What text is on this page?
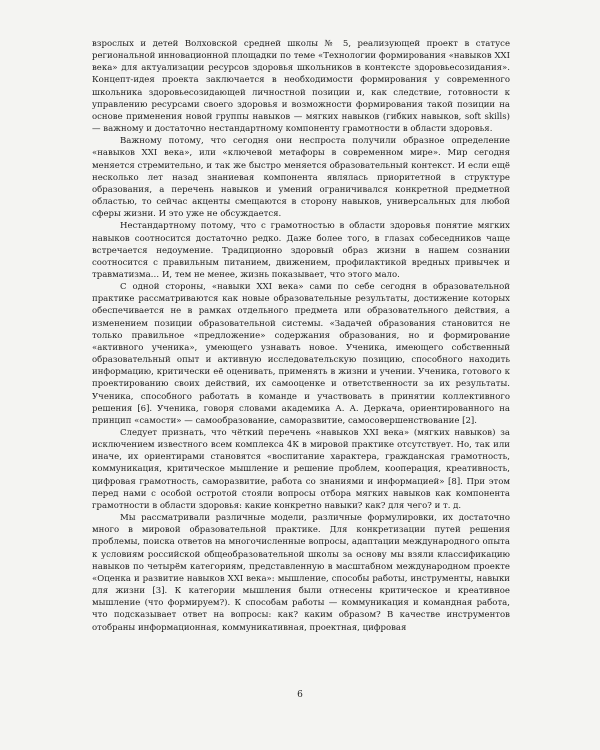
взрослых и детей Волховской средней школы № 5, реализующей проект в статусе региональной инновационной площадки по теме «Технологии формирования «навыков XXI века» для актуализации ресурсов здоровья школьников в контексте здоровьесозидания». Концепт-идея проекта заключается в необходимости формирования у современного школьника здоровьесозидающей личностной позиции и, как следствие, готовности к управлению ресурсами своего здоровья и возможности формирования такой позиции на основе применения новой группы навыков — мягких навыков (гибких навыков, soft skills) — важному и достаточно нестандартному компоненту грамотности в области здоровья.

Важному потому, что сегодня они неспроста получили образное определение «навыков XXI века», или «ключевой метафоры в современном мире». Мир сегодня меняется стремительно, и так же быстро меняется образовательный контекст. И если ещё несколько лет назад знаниевая компонента являлась приоритетной в структуре образования, а перечень навыков и умений ограничивался конкретной предметной областью, то сейчас акценты смещаются в сторону навыков, универсальных для любой сферы жизни. И это уже не обсуждается.

Нестандартному потому, что с грамотностью в области здоровья понятие мягких навыков соотносится достаточно редко. Даже более того, в глазах собеседников чаще встречается недоумение. Традиционно здоровый образ жизни в нашем сознании соотносится с правильным питанием, движением, профилактикой вредных привычек и травматизма… И, тем не менее, жизнь показывает, что этого мало.

С одной стороны, «навыки XXI века» сами по себе сегодня в образовательной практике рассматриваются как новые образовательные результаты, достижение которых обеспечивается не в рамках отдельного предмета или образовательного действия, а изменением позиции образовательной системы. «Задачей образования становится не только правильное «предложение» содержания образования, но и формирование «активного ученика», умеющего узнавать новое. Ученика, имеющего собственный образовательный опыт и активную исследовательскую позицию, способного находить информацию, критически её оценивать, применять в жизни и учении. Ученика, готового к проектированию своих действий, их самооценке и ответственности за их результаты. Ученика, способного работать в команде и участвовать в принятии коллективного решения [6]. Ученика, говоря словами академика А. А. Деркача, ориентированного на принцип «самости» — самообразование, саморазвитие, самосовершенствование [2].

Следует признать, что чёткий перечень «навыков XXI века» (мягких навыков) за исключением известного всем комплекса 4К в мировой практике отсутствует. Но, так или иначе, их ориентирами становятся «воспитание характера, гражданская грамотность, коммуникация, критическое мышление и решение проблем, кооперация, креативность, цифровая грамотность, саморазвитие, работа со знаниями и информацией» [8]. При этом перед нами с особой остротой стояли вопросы отбора мягких навыков как компонента грамотности в области здоровья: какие конкретно навыки? как? для чего? и т. д.

Мы рассматривали различные модели, различные формулировки, их достаточно много в мировой образовательной практике. Для конкретизации путей решения проблемы, поиска ответов на многочисленные вопросы, адаптации международного опыта к условиям российской общеобразовательной школы за основу мы взяли классификацию навыков по четырём категориям, представленную в масштабном международном проекте «Оценка и развитие навыков XXI века»: мышление, способы работы, инструменты, навыки для жизни [3]. К категории мышления были отнесены критическое и креативное мышление (что формируем?). К способам работы — коммуникация и командная работа, что подсказывает ответ на вопросы: как? каким образом? В качестве инструментов отобраны информационная, коммуникативная, проектная, цифровая

6
